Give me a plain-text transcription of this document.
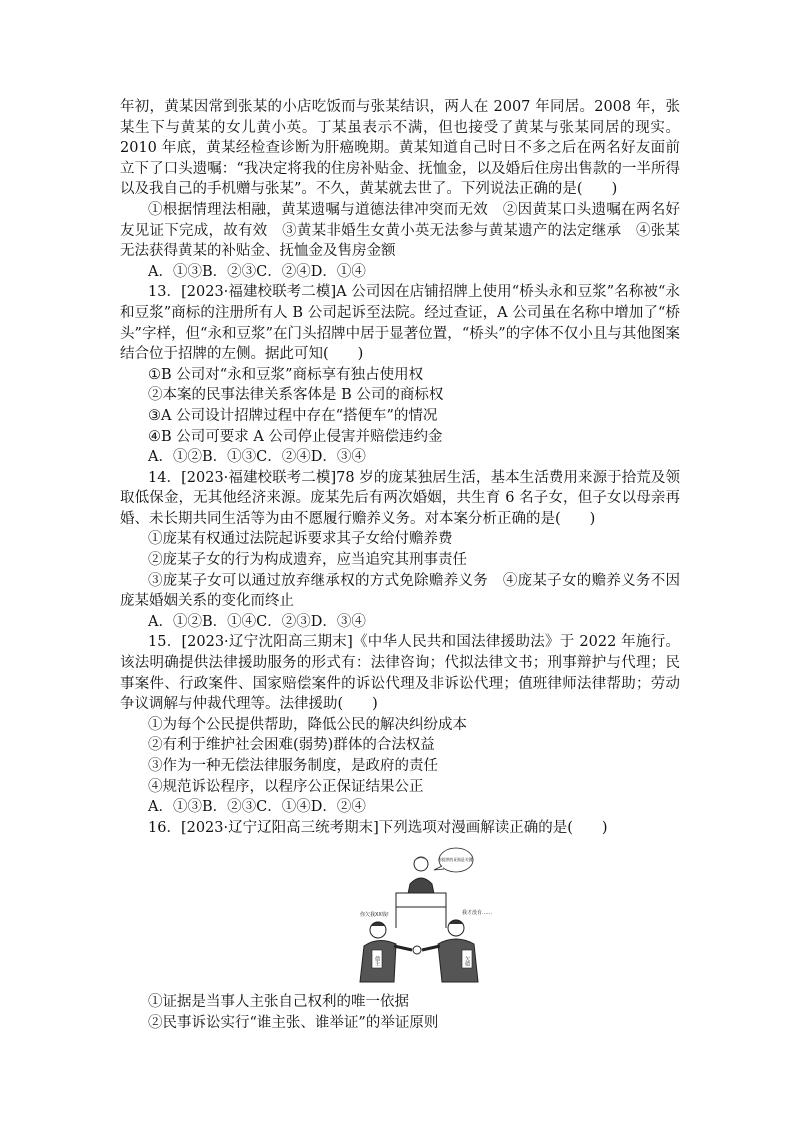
年初，黄某因常到张某的小店吃饭而与张某结识，两人在 2007 年同居。2008 年，张某生下与黄某的女儿黄小英。丁某虽表示不满，但也接受了黄某与张某同居的现实。2010 年底，黄某经检查诊断为肝癌晚期。黄某知道自己时日不多之后在两名好友面前立下了口头遗嘱：“我决定将我的住房补贴金、抚恤金，以及婚后住房出售款的一半所得以及我自己的手机赠与张某”。不久，黄某就去世了。下列说法正确的是(　　)

①根据情理法相融，黄某遗嘱与道德法律冲突而无效　②因黄某口头遗嘱在两名好友见证下完成，故有效　③黄某非婚生女黄小英无法参与黄某遗产的法定继承　④张某无法获得黄某的补贴金、抚恤金及售房金额

A．①③B．②③C．②④D．①④

13．[2023·福建校联考二模]A 公司因在店铺招牌上使用“桥头永和豆浆”名称被“永和豆浆”商标的注册所有人 B 公司起诉至法院。经过查证，A 公司虽在名称中增加了“桥头”字样，但“永和豆浆”在门头招牌中居于显著位置，“桥头”的字体不仅小且与其他图案结合位于招牌的左侧。据此可知(　　)

①B 公司对“永和豆浆”商标享有独占使用权

②本案的民事法律关系客体是 B 公司的商标权

③A 公司设计招牌过程中存在“搭便车”的情况

④B 公司可要求 A 公司停止侵害并赔偿违约金

A．①②B．①③C．②④D．③④

14．[2023·福建校联考二模]78 岁的庞某独居生活，基本生活费用来源于拾荒及领取低保金，无其他经济来源。庞某先后有两次婚姻，共生育 6 名子女，但子女以母亲再婚、未长期共同生活等为由不愿履行赡养义务。对本案分析正确的是(　　)

①庞某有权通过法院起诉要求其子女给付赡养费

②庞某子女的行为构成遗弃，应当追究其刑事责任

③庞某子女可以通过放弃继承权的方式免除赡养义务　④庞某子女的赡养义务不因庞某婚姻关系的变化而终止

A．①②B．①④C．②③D．③④

15．[2023·辽宁沈阳高三期末]《中华人民共和国法律援助法》于 2022 年施行。该法明确提供法律援助服务的形式有：法律咨询；代拟法律文书；刑事辩护与代理；民事案件、行政案件、国家赔偿案件的诉讼代理及非诉讼代理；值班律师法律帮助；劳动争议调解与仲裁代理等。法律援助(　　)

①为每个公民提供帮助，降低公民的解决纠纷成本

②有利于维护社会困难(弱势)群体的合法权益

③作为一种无偿法律服务制度，是政府的责任

④规范诉讼程序，以程序公正保证结果公正

A．①③B．②③C．①④D．②④

16．[2023·辽宁辽阳高三统考期末]下列选项对漫画解读正确的是(　　)

你提供的证据是关键!
债主
你欠我XX钱!
欠债
我才没有……

①证据是当事人主张自己权利的唯一依据

②民事诉讼实行“谁主张、谁举证”的举证原则
